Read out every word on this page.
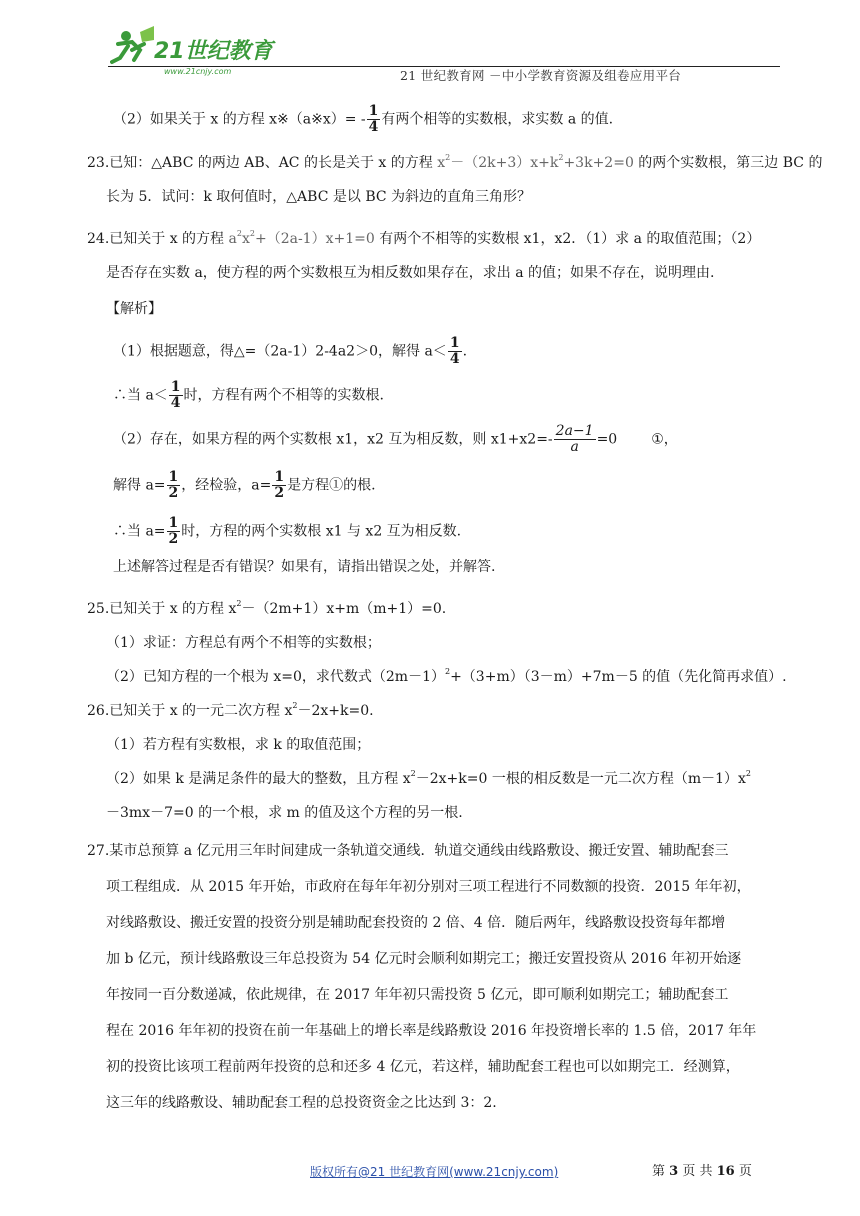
21世纪教育
www.21cnjy.com	21 世纪教育网 －中小学教育资源及组卷应用平台
（2）如果关于 x 的方程 x※（a※x）= - $\frac{1}{4}$ 有两个相等的实数根，求实数 a 的值.
23.已知：△ABC 的两边 AB、AC 的长是关于 x 的方程 $x^2-(2k+3)x+k^2+3k+2=0$ 的两个实数根，第三边 BC 的
长为 5．试问：k 取何值时，△ABC 是以 BC 为斜边的直角三角形？
24.已知关于 x 的方程 $a^2x^2+(2a-1)x+1=0$ 有两个不相等的实数根 x1，x2．（1）求 a 的取值范围；（2）
是否存在实数 a，使方程的两个实数根互为相反数如果存在，求出 a 的值；如果不存在，说明理由.
【解析】
（1）根据题意，得△=（2a-1）2-4a2＞0，解得 $a< \frac{1}{4}$ .
∴当 $a< \frac{1}{4}$ 时，方程有两个不相等的实数根.
（2）存在，如果方程的两个实数根 x1，x2 互为相反数，则 $x1+x2=- \frac{2a-1}{a} =0$ ①，
解得 $a= \frac{1}{2}$ ，经检验，$a= \frac{1}{2}$ 是方程①的根.
∴当 $a= \frac{1}{2}$ 时，方程的两个实数根 x1 与 x2 互为相反数.
上述解答过程是否有错误？如果有，请指出错误之处，并解答.
25.已知关于 x 的方程 $x^2-(2m+1)x+m(m+1)=0$.
（1）求证：方程总有两个不相等的实数根；
（2）已知方程的一个根为 x=0，求代数式$(2m-1)^2+(3+m)(3-m)+7m-5$ 的值（先化简再求值）.
26.已知关于 x 的一元二次方程 $x^2-2x+k=0$.
（1）若方程有实数根，求 k 的取值范围；
（2）如果 k 是满足条件的最大的整数，且方程 $x^2-2x+k=0$ 一根的相反数是一元二次方程$(m-1)x^2$
－3mx－7=0 的一个根，求 m 的值及这个方程的另一根.
27.某市总预算 a 亿元用三年时间建成一条轨道交通线．轨道交通线由线路敷设、搬迁安置、辅助配套三
项工程组成．从 2015 年开始，市政府在每年年初分别对三项工程进行不同数额的投资．2015 年年初，
对线路敷设、搬迁安置的投资分别是辅助配套投资的 2 倍、4 倍．随后两年，线路敷设投资每年都增
加 b 亿元，预计线路敷设三年总投资为 54 亿元时会顺利如期完工；搬迁安置投资从 2016 年初开始逐
年按同一百分数递减，依此规律，在 2017 年年初只需投资 5 亿元，即可顺利如期完工；辅助配套工
程在 2016 年年初的投资在前一年基础上的增长率是线路敷设 2016 年投资增长率的 1.5 倍，2017 年年
初的投资比该项工程前两年投资的总和还多 4 亿元，若这样，辅助配套工程也可以如期完工．经测算，
这三年的线路敷设、辅助配套工程的总投资资金之比达到 3：2.
版权所有@21 世纪教育网(www.21cnjy.com)	第 3 页 共 16 页
